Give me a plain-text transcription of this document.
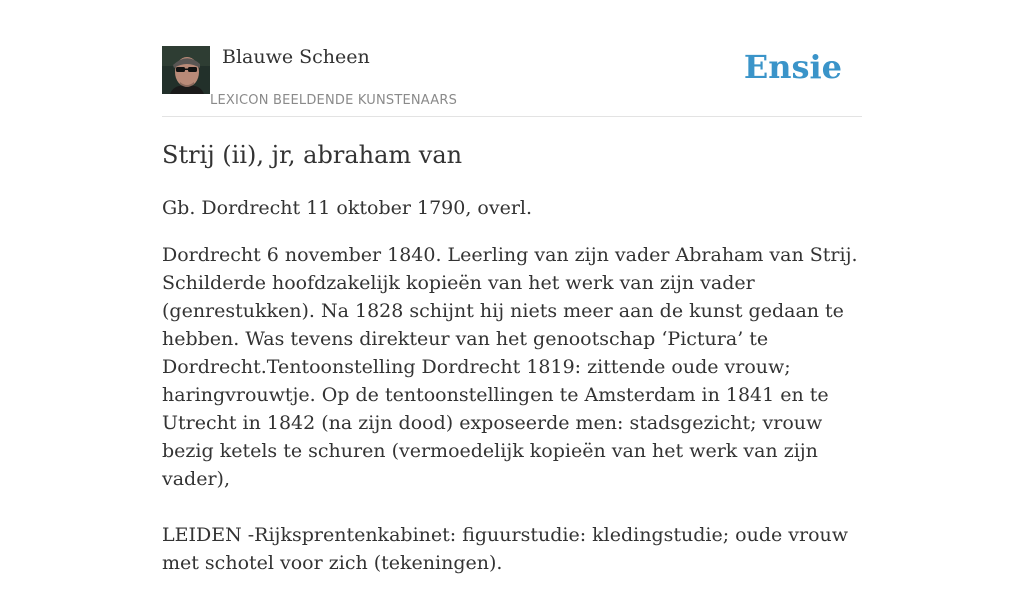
Blauwe Scheen
LEXICON BEELDENDE KUNSTENAARS
Ensie
Strij (ii), jr, abraham van

Gb. Dordrecht 11 oktober 1790, overl.

Dordrecht 6 november 1840. Leerling van zijn vader Abraham van Strij. Schilderde hoofdzakelijk kopieën van het werk van zijn vader (genrestukken). Na 1828 schijnt hij niets meer aan de kunst gedaan te hebben. Was tevens direkteur van het genootschap ‘Pictura’ te Dordrecht.Tentoonstelling Dordrecht 1819: zittende oude vrouw; haringvrouwtje. Op de tentoonstellingen te Amsterdam in 1841 en te Utrecht in 1842 (na zijn dood) exposeerde men: stadsgezicht; vrouw bezig ketels te schuren (vermoedelijk kopieën van het werk van zijn vader),

LEIDEN -Rijksprentenkabinet: figuurstudie: kledingstudie; oude vrouw met schotel voor zich (tekeningen).
